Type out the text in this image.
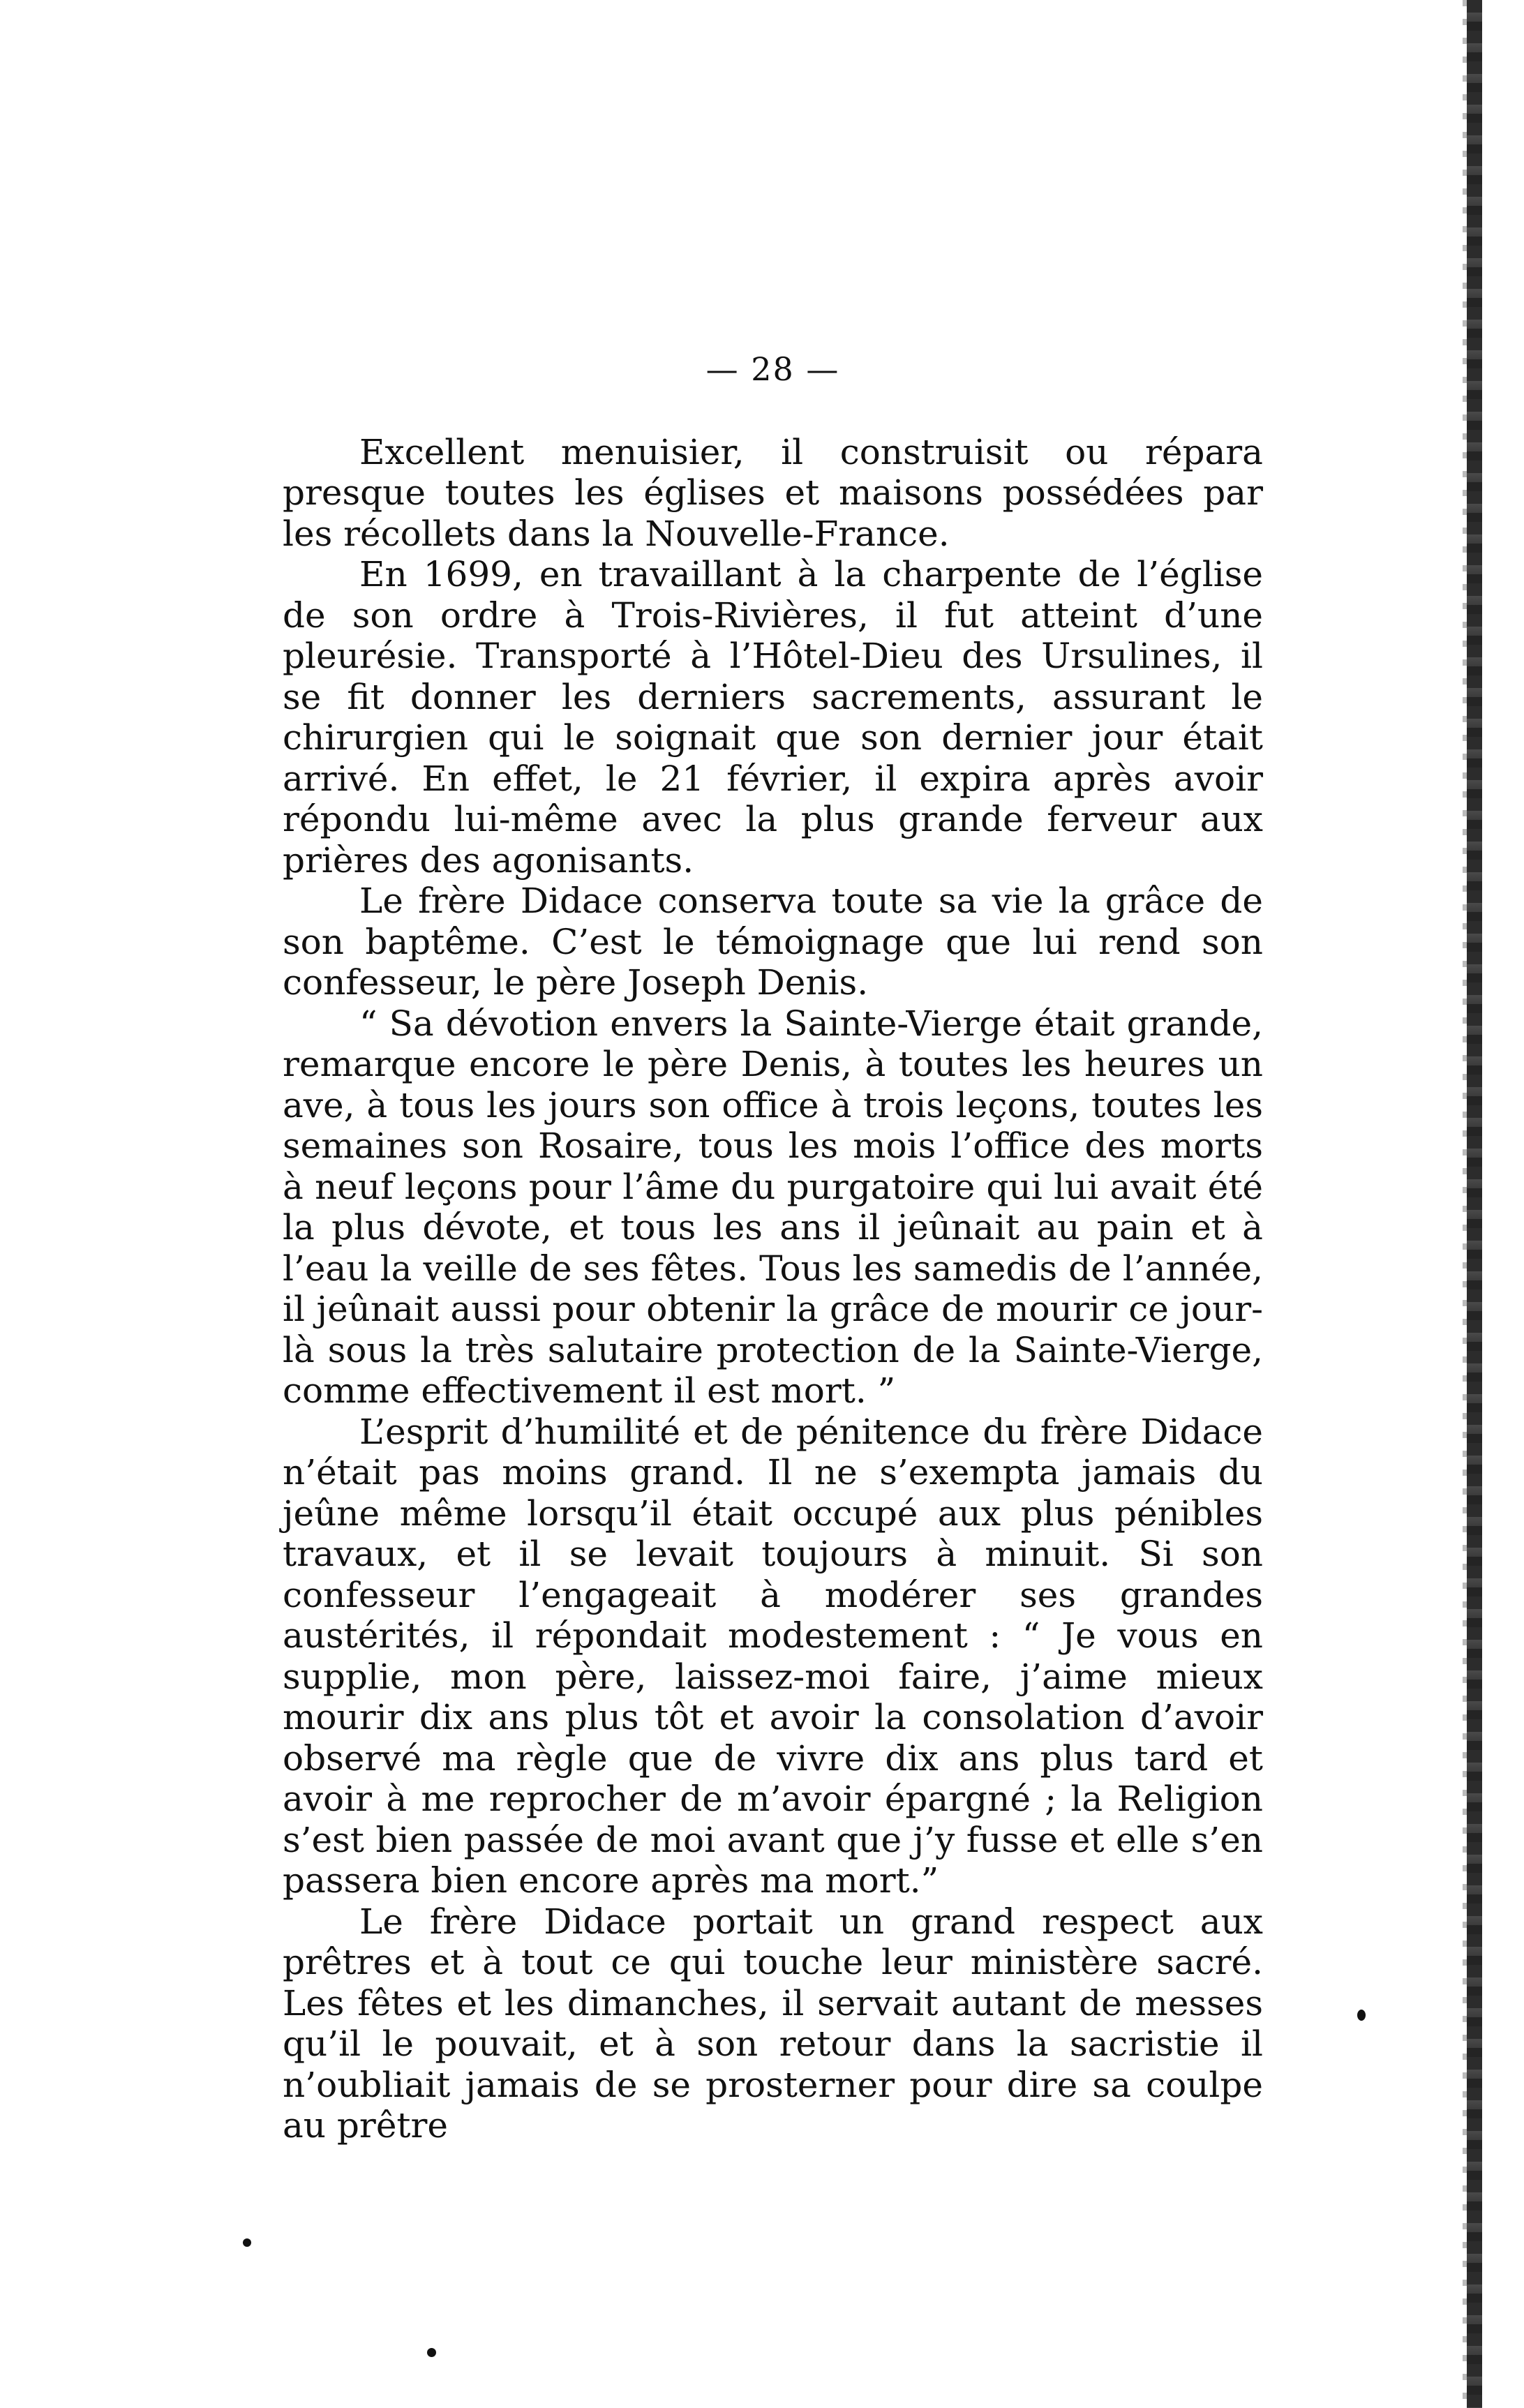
— 28 —

Excellent menuisier, il construisit ou répara presque toutes les églises et maisons possédées par les récollets dans la Nouvelle-France.

En 1699, en travaillant à la charpente de l’église de son ordre à Trois-Rivières, il fut atteint d’une pleurésie. Transporté à l’Hôtel-Dieu des Ursulines, il se fit donner les derniers sacrements, assurant le chirurgien qui le soignait que son dernier jour était arrivé. En effet, le 21 février, il expira après avoir répondu lui-même avec la plus grande ferveur aux prières des agonisants.

Le frère Didace conserva toute sa vie la grâce de son baptême. C’est le témoignage que lui rend son confesseur, le père Joseph Denis.

“ Sa dévotion envers la Sainte-Vierge était grande, remarque encore le père Denis, à toutes les heures un ave, à tous les jours son office à trois leçons, toutes les semaines son Rosaire, tous les mois l’office des morts à neuf leçons pour l’âme du purgatoire qui lui avait été la plus dévote, et tous les ans il jeûnait au pain et à l’eau la veille de ses fêtes. Tous les samedis de l’année, il jeûnait aussi pour obtenir la grâce de mourir ce jour-là sous la très salutaire protection de la Sainte-Vierge, comme effectivement il est mort. ”

L’esprit d’humilité et de pénitence du frère Didace n’était pas moins grand. Il ne s’exempta jamais du jeûne même lorsqu’il était occupé aux plus pénibles travaux, et il se levait toujours à minuit. Si son confesseur l’engageait à modérer ses grandes austérités, il répondait modestement : “ Je vous en supplie, mon père, laissez-moi faire, j’aime mieux mourir dix ans plus tôt et avoir la consolation d’avoir observé ma règle que de vivre dix ans plus tard et avoir à me reprocher de m’avoir épargné ; la Religion s’est bien passée de moi avant que j’y fusse et elle s’en passera bien encore après ma mort.”

Le frère Didace portait un grand respect aux prêtres et à tout ce qui touche leur ministère sacré. Les fêtes et les dimanches, il servait autant de messes qu’il le pouvait, et à son retour dans la sacristie il n’oubliait jamais de se prosterner pour dire sa coulpe au prêtre
